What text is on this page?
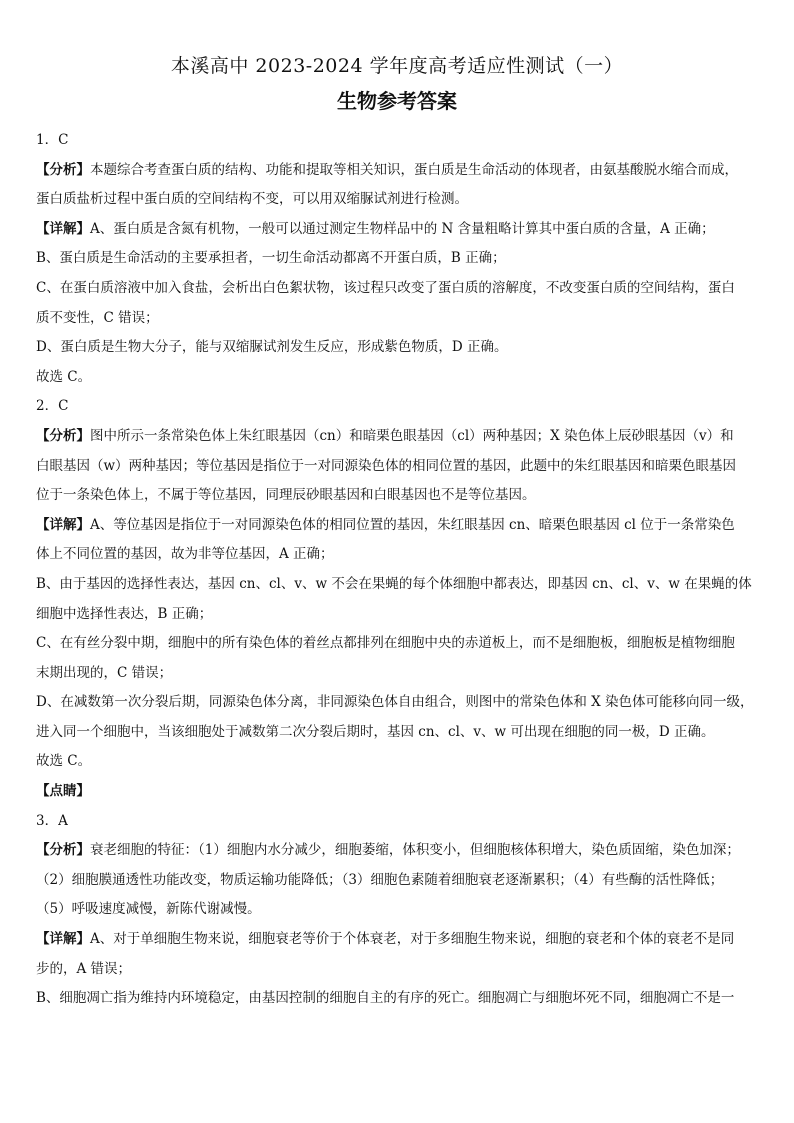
本溪高中 2023-2024 学年度高考适应性测试（一）
生物参考答案

1．C

【分析】本题综合考查蛋白质的结构、功能和提取等相关知识，蛋白质是生命活动的体现者，由氨基酸脱水缩合而成，

蛋白质盐析过程中蛋白质的空间结构不变，可以用双缩脲试剂进行检测。

【详解】A、蛋白质是含氮有机物，一般可以通过测定生物样品中的 N 含量粗略计算其中蛋白质的含量，A 正确；

B、蛋白质是生命活动的主要承担者，一切生命活动都离不开蛋白质，B 正确；

C、在蛋白质溶液中加入食盐，会析出白色絮状物，该过程只改变了蛋白质的溶解度，不改变蛋白质的空间结构，蛋白

质不变性，C 错误；

D、蛋白质是生物大分子，能与双缩脲试剂发生反应，形成紫色物质，D 正确。

故选 C。

2．C

【分析】图中所示一条常染色体上朱红眼基因（cn）和暗栗色眼基因（cl）两种基因；X 染色体上辰砂眼基因（v）和

白眼基因（w）两种基因；等位基因是指位于一对同源染色体的相同位置的基因，此题中的朱红眼基因和暗栗色眼基因

位于一条染色体上，不属于等位基因，同理辰砂眼基因和白眼基因也不是等位基因。

【详解】A、等位基因是指位于一对同源染色体的相同位置的基因，朱红眼基因 cn、暗栗色眼基因 cl 位于一条常染色

体上不同位置的基因，故为非等位基因，A 正确；

B、由于基因的选择性表达，基因 cn、cl、v、w 不会在果蝇的每个体细胞中都表达，即基因 cn、cl、v、w 在果蝇的体

细胞中选择性表达，B 正确；

C、在有丝分裂中期，细胞中的所有染色体的着丝点都排列在细胞中央的赤道板上，而不是细胞板，细胞板是植物细胞

末期出现的，C 错误；

D、在减数第一次分裂后期，同源染色体分离，非同源染色体自由组合，则图中的常染色体和 X 染色体可能移向同一级，

进入同一个细胞中，当该细胞处于减数第二次分裂后期时，基因 cn、cl、v、w 可出现在细胞的同一极，D 正确。

故选 C。

【点睛】

3．A

【分析】衰老细胞的特征：（1）细胞内水分减少，细胞萎缩，体积变小，但细胞核体积增大，染色质固缩，染色加深；

（2）细胞膜通透性功能改变，物质运输功能降低；（3）细胞色素随着细胞衰老逐渐累积；（4）有些酶的活性降低；

（5）呼吸速度减慢，新陈代谢减慢。

【详解】A、对于单细胞生物来说，细胞衰老等价于个体衰老，对于多细胞生物来说，细胞的衰老和个体的衰老不是同

步的，A 错误；

B、细胞凋亡指为维持内环境稳定，由基因控制的细胞自主的有序的死亡。细胞凋亡与细胞坏死不同，细胞凋亡不是一
